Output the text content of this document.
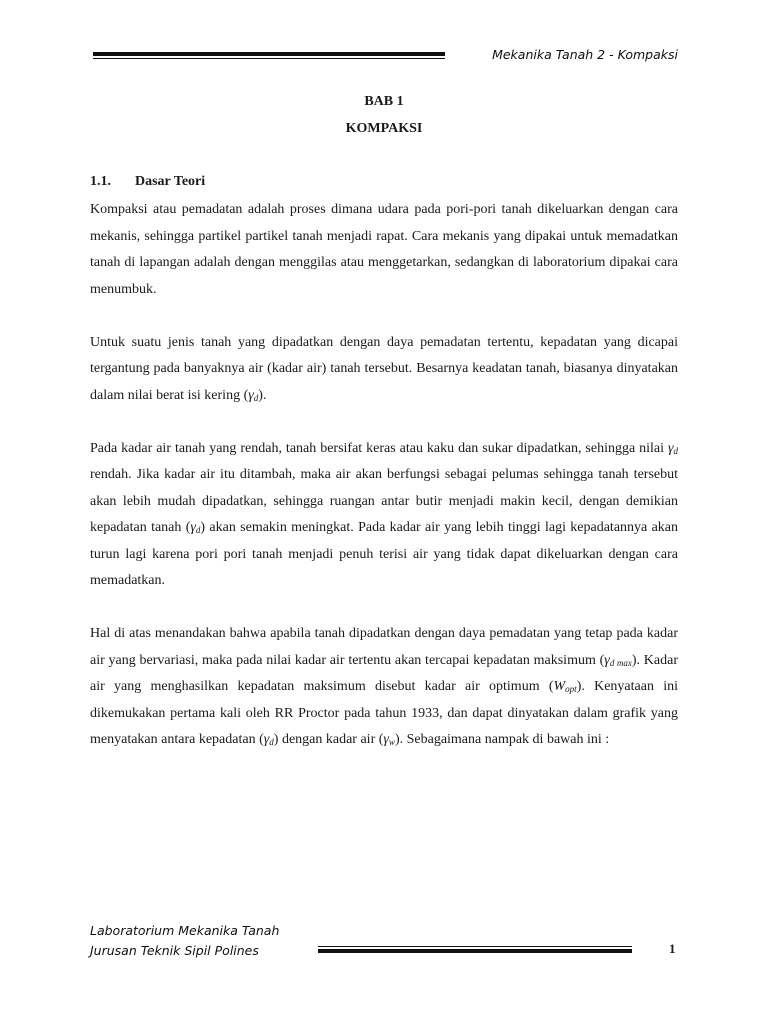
Mekanika Tanah 2 - Kompaksi
BAB 1
KOMPAKSI
1.1. Dasar Teori

Kompaksi atau pemadatan adalah proses dimana udara pada pori-pori tanah dikeluarkan dengan cara mekanis, sehingga partikel partikel tanah menjadi rapat. Cara mekanis yang dipakai untuk memadatkan tanah di lapangan adalah dengan menggilas atau menggetarkan, sedangkan di laboratorium dipakai cara menumbuk.

Untuk suatu jenis tanah yang dipadatkan dengan daya pemadatan tertentu, kepadatan yang dicapai tergantung pada banyaknya air (kadar air) tanah tersebut. Besarnya keadatan tanah, biasanya dinyatakan dalam nilai berat isi kering $(\gamma_d)$.

Pada kadar air tanah yang rendah, tanah bersifat keras atau kaku dan sukar dipadatkan, sehingga nilai $\gamma_d$ rendah. Jika kadar air itu ditambah, maka air akan berfungsi sebagai pelumas sehingga tanah tersebut akan lebih mudah dipadatkan, sehingga ruangan antar butir menjadi makin kecil, dengan demikian kepadatan tanah $(\gamma_d)$ akan semakin meningkat. Pada kadar air yang lebih tinggi lagi kepadatannya akan turun lagi karena pori pori tanah menjadi penuh terisi air yang tidak dapat dikeluarkan dengan cara memadatkan.

Hal di atas menandakan bahwa apabila tanah dipadatkan dengan daya pemadatan yang tetap pada kadar air yang bervariasi, maka pada nilai kadar air tertentu akan tercapai kepadatan maksimum $(\gamma_{d max})$. Kadar air yang menghasilkan kepadatan maksimum disebut kadar air optimum $(W_{opt})$. Kenyataan ini dikemukakan pertama kali oleh RR Proctor pada tahun 1933, dan dapat dinyatakan dalam grafik yang menyatakan antara kepadatan $(\gamma_d)$ dengan kadar air $(\gamma_w)$. Sebagaimana nampak di bawah ini :

Laboratorium Mekanika Tanah
Jurusan Teknik Sipil Polines	1
